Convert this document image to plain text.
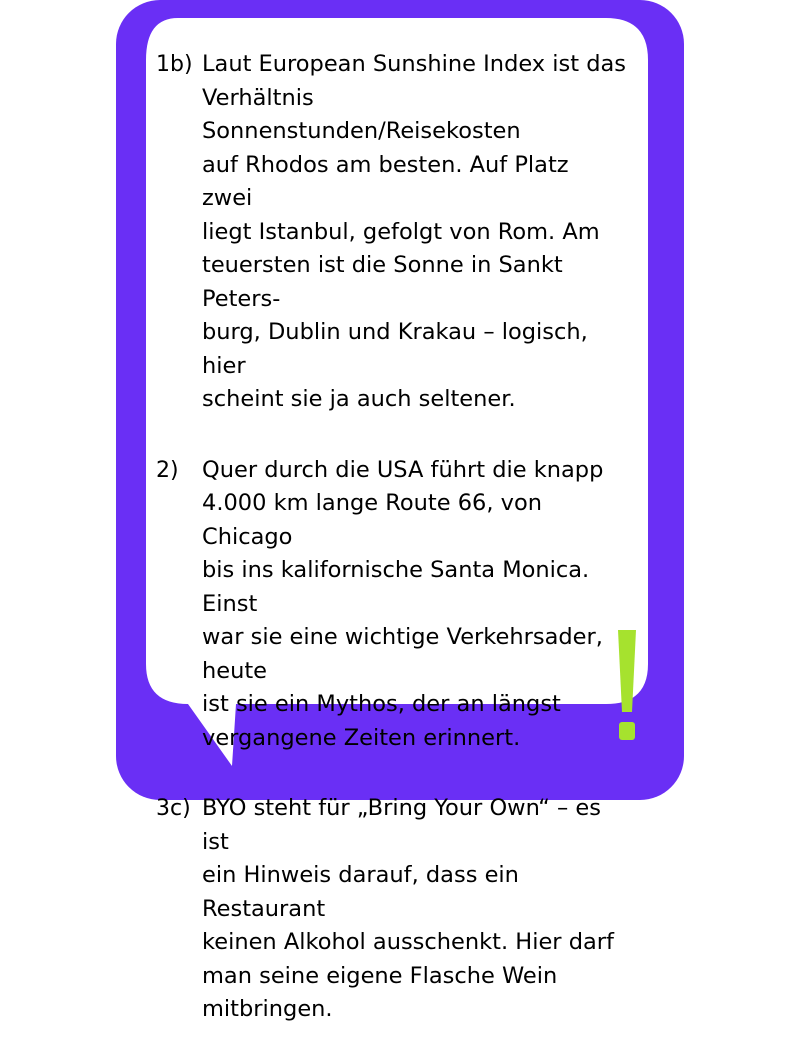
1b) Laut European Sunshine Index ist das
Verhältnis Sonnenstunden/Reisekosten
auf Rhodos am besten. Auf Platz zwei
liegt Istanbul, gefolgt von Rom. Am
teuersten ist die Sonne in Sankt Peters-
burg, Dublin und Krakau – logisch, hier
scheint sie ja auch seltener.
2)	Quer durch die USA führt die knapp
4.000 km lange Route 66, von Chicago
bis ins kalifornische Santa Monica. Einst
war sie eine wichtige Verkehrsader, heute
ist sie ein Mythos, der an längst
vergangene Zeiten erinnert.
3c) BYO steht für „Bring Your Own“ – es ist
ein Hinweis darauf, dass ein Restaurant
keinen Alkohol ausschenkt. Hier darf
man seine eigene Flasche Wein
mitbringen.
